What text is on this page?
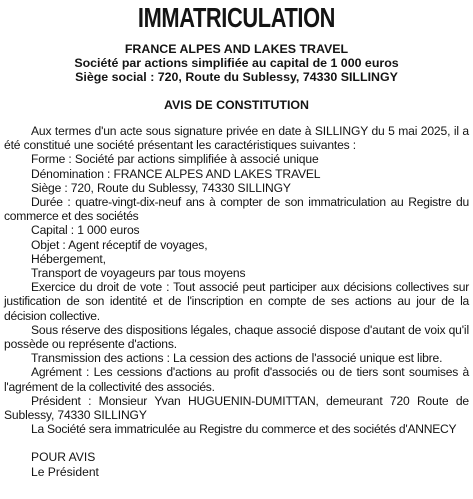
IMMATRICULATION
FRANCE ALPES AND LAKES TRAVEL
Société par actions simplifiée au capital de 1 000 euros
Siège social : 720, Route du Sublessy, 74330 SILLINGY
AVIS DE CONSTITUTION

Aux termes d'un acte sous signature privée en date à SILLINGY du 5 mai 2025, il a été constitué une société présentant les caractéristiques suivantes :

Forme : Société par actions simplifiée à associé unique

Dénomination : FRANCE ALPES AND LAKES TRAVEL

Siège : 720, Route du Sublessy, 74330 SILLINGY

Durée : quatre-vingt-dix-neuf ans à compter de son immatriculation au Registre du commerce et des sociétés

Capital : 1 000 euros

Objet : Agent réceptif de voyages,

Hébergement,

Transport de voyageurs par tous moyens

Exercice du droit de vote : Tout associé peut participer aux décisions collectives sur justification de son identité et de l'inscription en compte de ses actions au jour de la décision collective.

Sous réserve des dispositions légales, chaque associé dispose d'autant de voix qu'il possède ou représente d'actions.

Transmission des actions : La cession des actions de l'associé unique est libre.

Agrément : Les cessions d'actions au profit d'associés ou de tiers sont soumises à l'agrément de la collectivité des associés.

Président : Monsieur Yvan HUGUENIN-DUMITTAN, demeurant 720 Route de Sublessy, 74330 SILLINGY

La Société sera immatriculée au Registre du commerce et des sociétés d'ANNECY

POUR AVIS

Le Président
